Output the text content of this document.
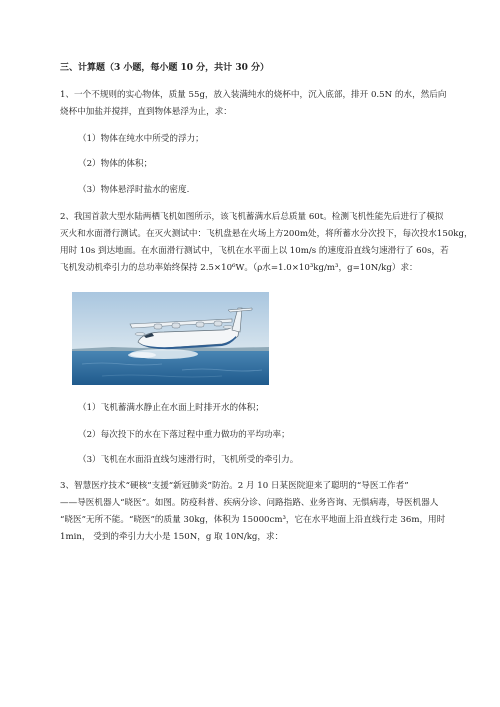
三、计算题（3 小题，每小题 10 分，共计 30 分）
1、一个不规则的实心物体，质量 55g，放入装满纯水的烧杯中，沉入底部，排开 0.5N 的水，然后向
烧杯中加盐并搅拌，直到物体悬浮为止，求：
（1）物体在纯水中所受的浮力；
（2）物体的体积；
（3）物体悬浮时盐水的密度.
2、我国首款大型水陆两栖飞机如图所示，该飞机蓄满水后总质量 60t。检测飞机性能先后进行了模拟
灭火和水面滑行测试。在灭火测试中：飞机盘悬在火场上方200m处，将所蓄水分次投下，每次投水150kg，
用时 10s 到达地面。在水面滑行测试中，飞机在水平面上以 10m/s 的速度沿直线匀速滑行了 60s，若
飞机发动机牵引力的总功率始终保持 2.5×10⁶W。（ρ水=1.0×10³kg/m³，g=10N/kg）求：
（1）飞机蓄满水静止在水面上时排开水的体积；
（2）每次投下的水在下落过程中重力做功的平均功率；
（3）飞机在水面沿直线匀速滑行时，飞机所受的牵引力。
3、智慧医疗技术“硬核”支援“新冠肺炎”防治。2 月 10 日某医院迎来了聪明的“导医工作者”
——导医机器人“晓医”。如图。防疫科普、疾病分诊、问路指路、业务咨询、无惧病毒，导医机器人
“晓医”无所不能。“晓医”的质量 30kg，体积为 15000cm³，它在水平地面上沿直线行走 36m，用时
1min， 受到的牵引力大小是 150N，g 取 10N/kg，求：
